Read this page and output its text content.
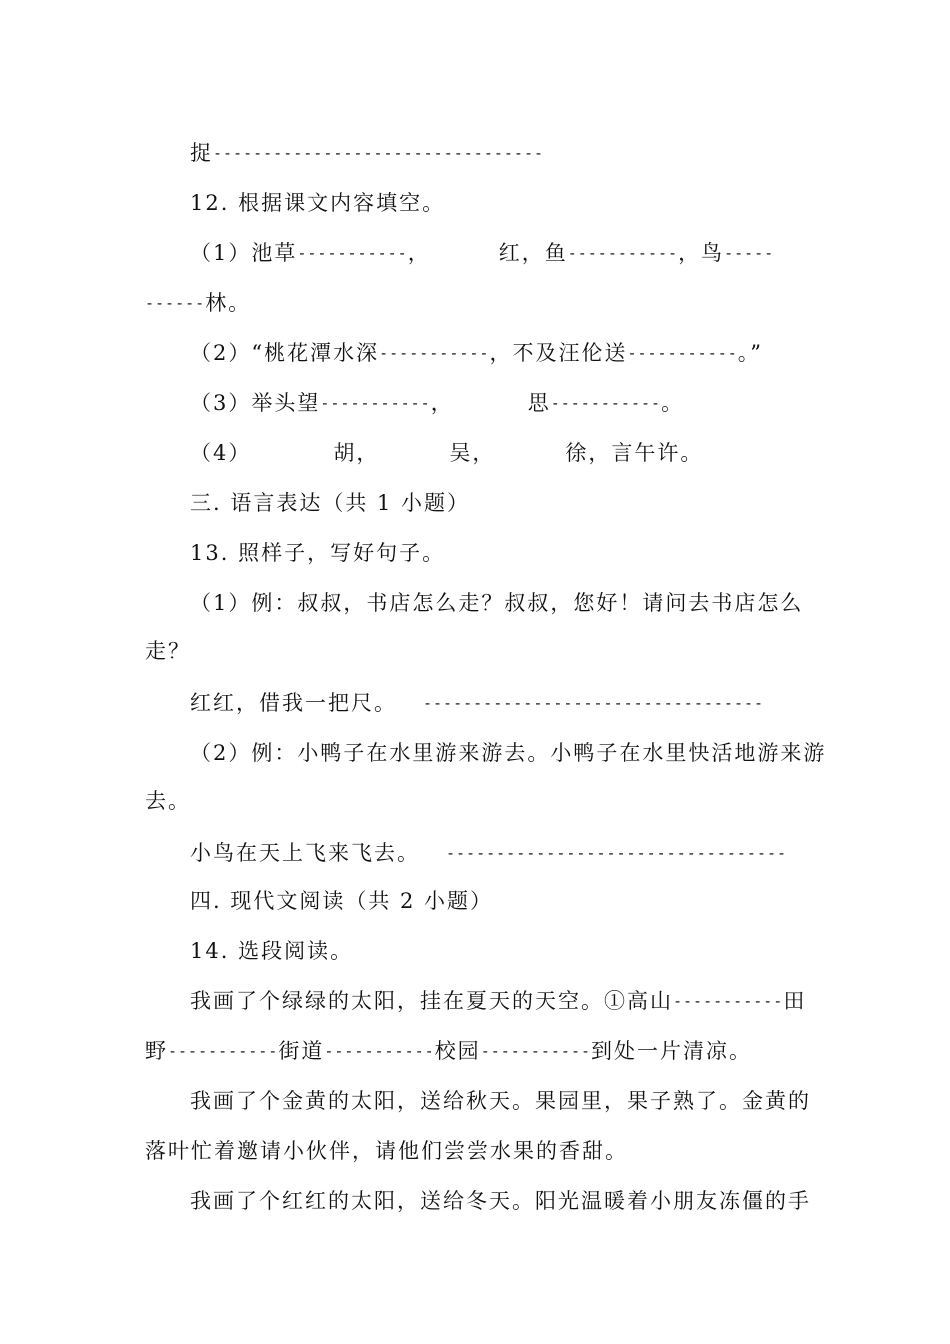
捉---------------------------------
12. 根据课文内容填空。
（1）池草-----------，	红，鱼-----------，鸟-----
------林。
（2）“桃花潭水深-----------，不及汪伦送-----------。”
（3）举头望-----------，	思-----------。
（4）	胡，	吴，	徐，言午许。
三. 语言表达（共 1 小题）
13. 照样子，写好句子。
（1）例：叔叔，书店怎么走？叔叔，您好！请问去书店怎么
走？
红红，借我一把尺。 ----------------------------------
（2）例：小鸭子在水里游来游去。小鸭子在水里快活地游来游
去。
小鸟在天上飞来飞去。 ----------------------------------
四. 现代文阅读（共 2 小题）
14. 选段阅读。
我画了个绿绿的太阳，挂在夏天的天空。①高山-----------田
野-----------街道-----------校园-----------到处一片清凉。
我画了个金黄的太阳，送给秋天。果园里，果子熟了。金黄的
落叶忙着邀请小伙伴，请他们尝尝水果的香甜。
我画了个红红的太阳，送给冬天。阳光温暖着小朋友冻僵的手
